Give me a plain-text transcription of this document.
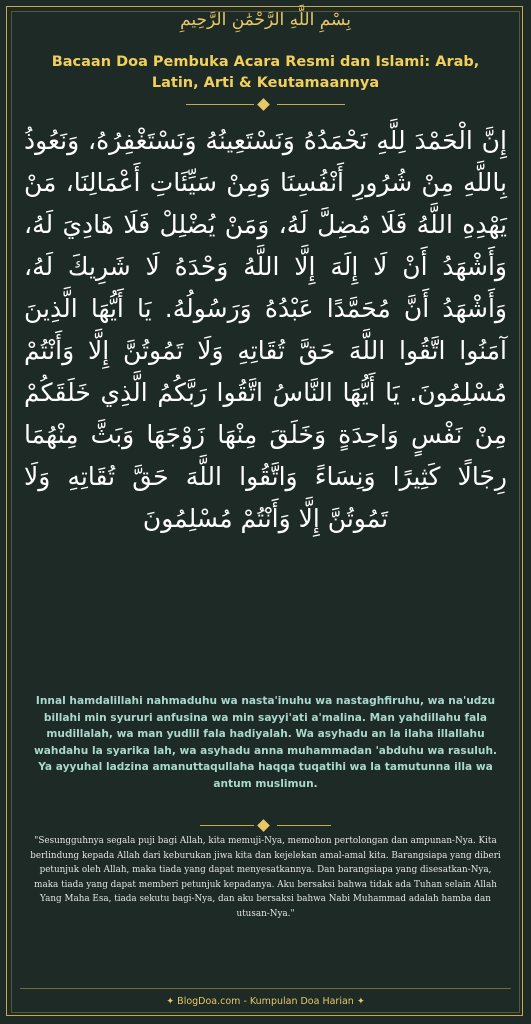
بِسْمِ اللَّهِ الرَّحْمَٰنِ الرَّحِيمِ
Bacaan Doa Pembuka Acara Resmi dan Islami: Arab, Latin, Arti & Keutamaannya
إِنَّ الْحَمْدَ لِلَّهِ نَحْمَدُهُ وَنَسْتَعِينُهُ وَنَسْتَغْفِرُهُ، وَنَعُوذُ بِاللَّهِ مِنْ شُرُورِ أَنْفُسِنَا وَمِنْ سَيِّئَاتِ أَعْمَالِنَا، مَنْ يَهْدِهِ اللَّهُ فَلَا مُضِلَّ لَهُ، وَمَنْ يُضْلِلْ فَلَا هَادِيَ لَهُ، وَأَشْهَدُ أَنْ لَا إِلَهَ إِلَّا اللَّهُ وَحْدَهُ لَا شَرِيكَ لَهُ، وَأَشْهَدُ أَنَّ مُحَمَّدًا عَبْدُهُ وَرَسُولُهُ. يَا أَيُّهَا الَّذِينَ آمَنُوا اتَّقُوا اللَّهَ حَقَّ تُقَاتِهِ وَلَا تَمُوتُنَّ إِلَّا وَأَنْتُمْ مُسْلِمُونَ. يَا أَيُّهَا النَّاسُ اتَّقُوا رَبَّكُمُ الَّذِي خَلَقَكُمْ مِنْ نَفْسٍ وَاحِدَةٍ وَخَلَقَ مِنْهَا زَوْجَهَا وَبَثَّ مِنْهُمَا رِجَالًا كَثِيرًا وَنِسَاءً وَاتَّقُوا اللَّهَ حَقَّ تُقَاتِهِ وَلَا تَمُوتُنَّ إِلَّا وَأَنْتُمْ مُسْلِمُونَ
Innal hamdalillahi nahmaduhu wa nasta'inuhu wa nastaghfiruhu, wa na'udzu billahi min syururi anfusina wa min sayyi'ati a'malina. Man yahdillahu fala mudillalah, wa man yudlil fala hadiyalah. Wa asyhadu an la ilaha illallahu wahdahu la syarika lah, wa asyhadu anna muhammadan 'abduhu wa rasuluh. Ya ayyuhal ladzina amanuttaqullaha haqqa tuqatihi wa la tamutunna illa wa antum muslimun.
"Sesungguhnya segala puji bagi Allah, kita memuji-Nya, memohon pertolongan dan ampunan-Nya. Kita berlindung kepada Allah dari keburukan jiwa kita dan kejelekan amal-amal kita. Barangsiapa yang diberi petunjuk oleh Allah, maka tiada yang dapat menyesatkannya. Dan barangsiapa yang disesatkan-Nya, maka tiada yang dapat memberi petunjuk kepadanya. Aku bersaksi bahwa tidak ada Tuhan selain Allah Yang Maha Esa, tiada sekutu bagi-Nya, dan aku bersaksi bahwa Nabi Muhammad adalah hamba dan utusan-Nya."
✦ BlogDoa.com - Kumpulan Doa Harian ✦
